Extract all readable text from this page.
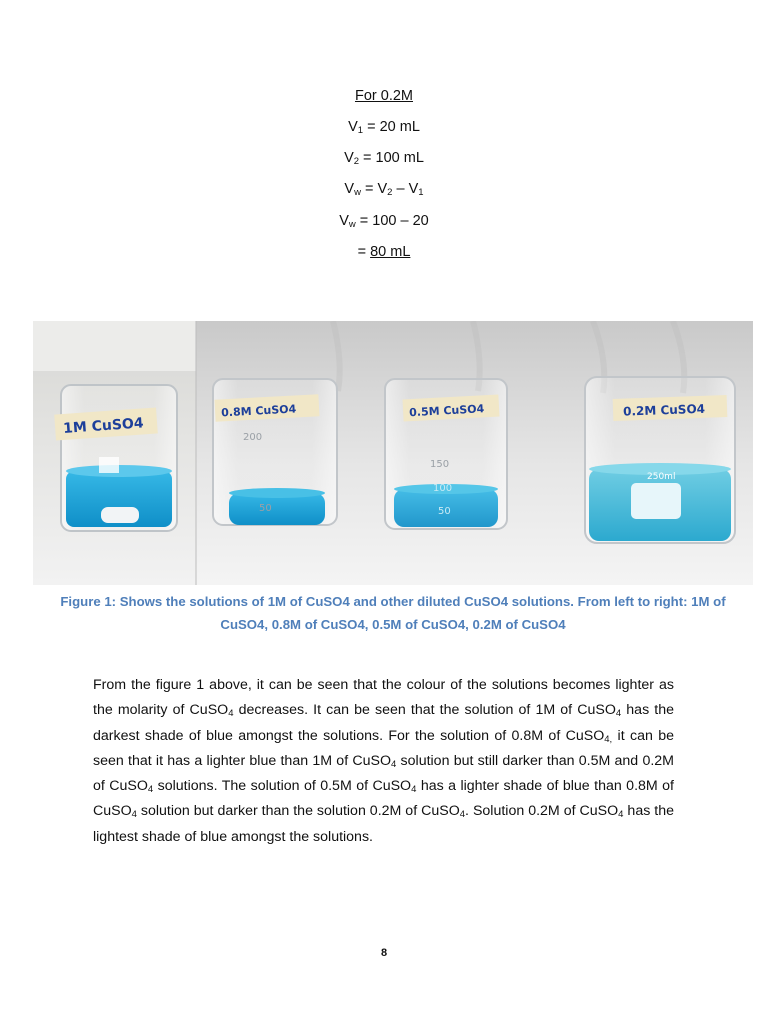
For 0.2M
$V_1 = 20$ mL
$V_2 = 100$ mL
$V_w = V_2 - V_1$
$V_w = 100 - 20$
= 80 mL
1M CuSO4
0.8M CuSO4
200
50
0.5M CuSO4
150
100
50
0.2M CuSO4
250ml
Figure 1: Shows the solutions of 1M of CuSO4 and other diluted CuSO4 solutions. From left to right: 1M of
CuSO4, 0.8M of CuSO4, 0.5M of CuSO4, 0.2M of CuSO4
From the figure 1 above, it can be seen that the colour of the solutions becomes lighter as the molarity of CuSO$_4$ decreases. It can be seen that the solution of 1M of CuSO$_4$ has the darkest shade of blue amongst the solutions. For the solution of 0.8M of CuSO$_{4,}$ it can be seen that it has a lighter blue than 1M of CuSO$_4$ solution but still darker than 0.5M and 0.2M of CuSO$_4$ solutions. The solution of 0.5M of CuSO$_4$ has a lighter shade of blue than 0.8M of CuSO$_4$ solution but darker than the solution 0.2M of CuSO$_4$. Solution 0.2M of CuSO$_4$ has the lightest shade of blue amongst the solutions.
8
